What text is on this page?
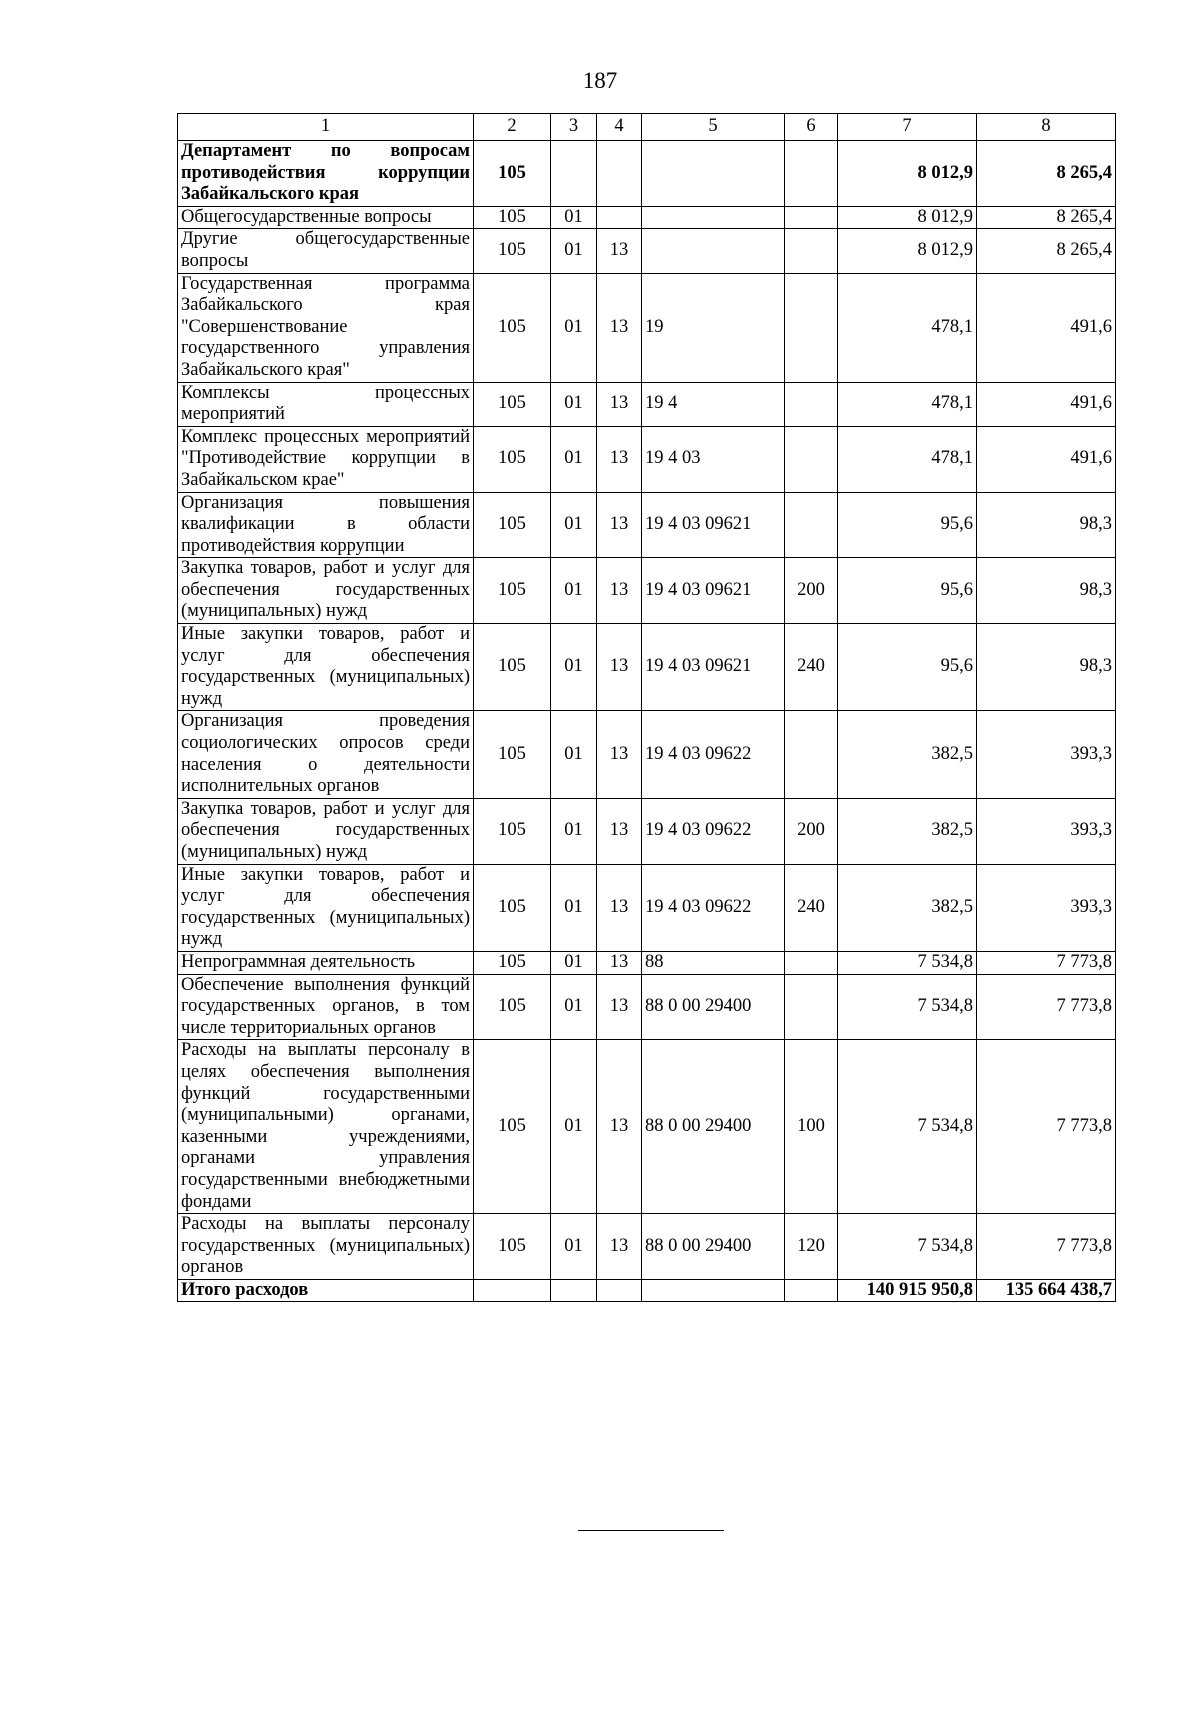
187
1	2	3	4	5	6	7	8
Департамент по вопросам противодействия коррупции Забайкальского края	105					8 012,9	8 265,4
Общегосударственные вопросы	105	01				8 012,9	8 265,4
Другие общегосударственные вопросы	105	01	13			8 012,9	8 265,4
Государственная программа Забайкальского края "Совершенствование государственного управления Забайкальского края"	105	01	13	19		478,1	491,6
Комплексы процессных мероприятий	105	01	13	19 4		478,1	491,6
Комплекс процессных мероприятий "Противодействие коррупции в Забайкальском крае"	105	01	13	19 4 03		478,1	491,6
Организация повышения квалификации в области противодействия коррупции	105	01	13	19 4 03 09621		95,6	98,3
Закупка товаров, работ и услуг для обеспечения государственных (муниципальных) нужд	105	01	13	19 4 03 09621	200	95,6	98,3
Иные закупки товаров, работ и услуг для обеспечения государственных (муниципальных) нужд	105	01	13	19 4 03 09621	240	95,6	98,3
Организация проведения социологических опросов среди населения о деятельности исполнительных органов	105	01	13	19 4 03 09622		382,5	393,3
Закупка товаров, работ и услуг для обеспечения государственных (муниципальных) нужд	105	01	13	19 4 03 09622	200	382,5	393,3
Иные закупки товаров, работ и услуг для обеспечения государственных (муниципальных) нужд	105	01	13	19 4 03 09622	240	382,5	393,3
Непрограммная деятельность	105	01	13	88		7 534,8	7 773,8
Обеспечение выполнения функций государственных органов, в том числе территориальных органов	105	01	13	88 0 00 29400		7 534,8	7 773,8
Расходы на выплаты персоналу в целях обеспечения выполнения функций государственными (муниципальными) органами, казенными учреждениями, органами управления государственными внебюджетными фондами	105	01	13	88 0 00 29400	100	7 534,8	7 773,8
Расходы на выплаты персоналу государственных (муниципальных) органов	105	01	13	88 0 00 29400	120	7 534,8	7 773,8
Итого расходов						140 915 950,8	135 664 438,7
